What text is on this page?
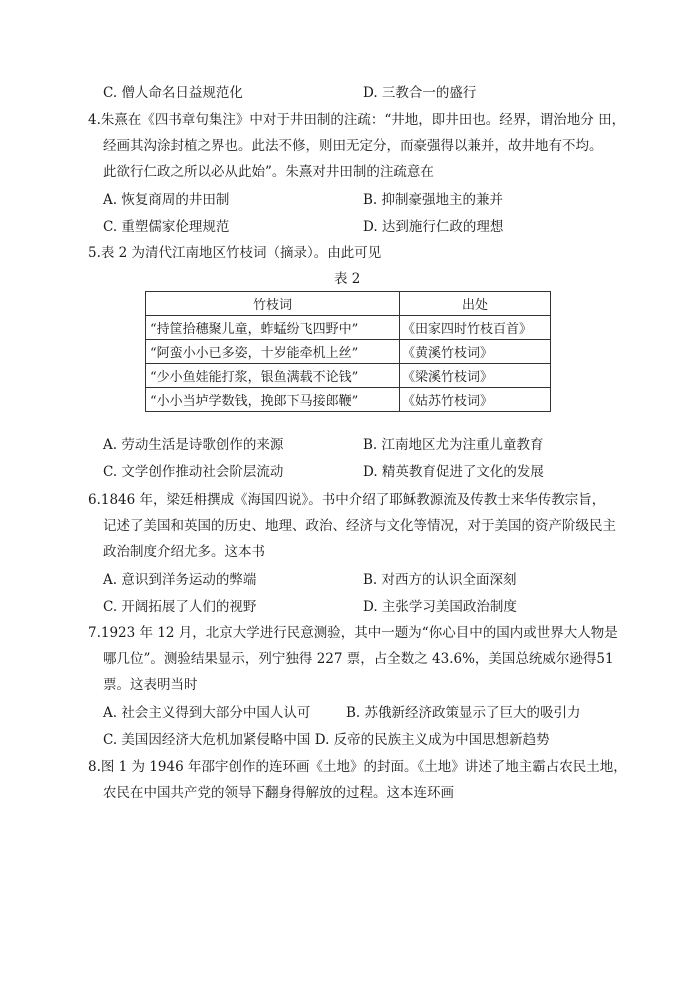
C. 僧人命名日益规范化	D. 三教合一的盛行
4.朱熹在《四书章句集注》中对于井田制的注疏：“井地，即井田也。经界，谓治地分 田，
经画其沟涂封植之界也。此法不修，则田无定分，而豪强得以兼并，故井地有不均。
此欲行仁政之所以必从此始”。朱熹对井田制的注疏意在
A. 恢复商周的井田制	B. 抑制豪强地主的兼并
C. 重塑儒家伦理规范	D. 达到施行仁政的理想
5.表 2 为清代江南地区竹枝词（摘录）。由此可见
表 2
竹枝词	出处
“持筐拾穗聚儿童，蚱蜢纷飞四野中”	《田家四时竹枝百首》
“阿蛮小小已多姿，十岁能牵机上丝”	《黄溪竹枝词》
“少小鱼娃能打浆，银鱼满载不论钱”	《梁溪竹枝词》
“小小当垆学数钱，挽郎下马接郎鞭”	《姑苏竹枝词》
A. 劳动生活是诗歌创作的来源	B. 江南地区尤为注重儿童教育
C. 文学创作推动社会阶层流动	D. 精英教育促进了文化的发展
6.1846 年，梁廷枏撰成《海国四说》。书中介绍了耶稣教源流及传教士来华传教宗旨，
记述了美国和英国的历史、地理、政治、经济与文化等情况，对于美国的资产阶级民主
政治制度介绍尤多。这本书
A. 意识到洋务运动的弊端	B. 对西方的认识全面深刻
C. 开阔拓展了人们的视野	D. 主张学习美国政治制度
7.1923 年 12 月，北京大学进行民意测验，其中一题为“你心目中的国内或世界大人物是
哪几位”。测验结果显示，列宁独得 227 票，占全数之 43.6%，美国总统威尔逊得51
票。这表明当时
A. 社会主义得到大部分中国人认可	B. 苏俄新经济政策显示了巨大的吸引力
C. 美国因经济大危机加紧侵略中国 D. 反帝的民族主义成为中国思想新趋势
8.图 1 为 1946 年邵宇创作的连环画《土地》的封面。《土地》讲述了地主霸占农民土地，
农民在中国共产党的领导下翻身得解放的过程。这本连环画
